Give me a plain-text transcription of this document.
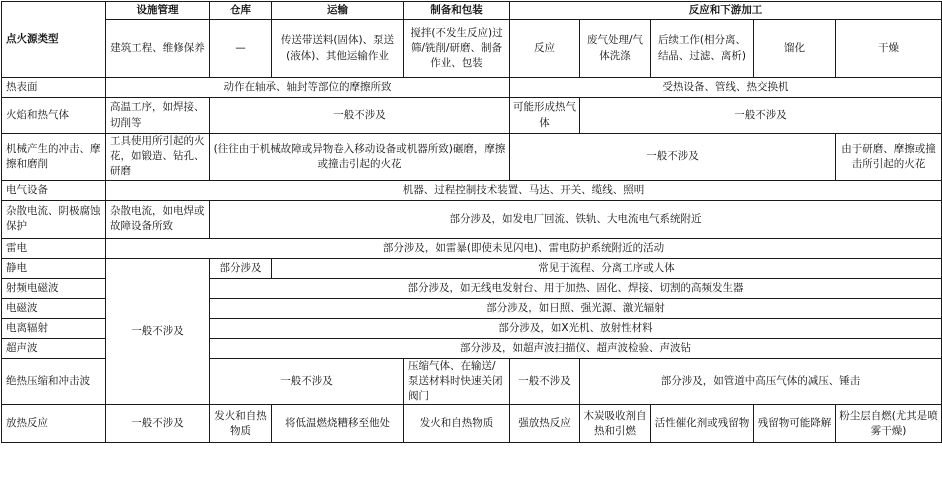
点火源类型	设施管理	仓库	运输	制备和包装	反应和下游加工				
	建筑工程、维修保养	—	传送带送料(固体)、泵送(液体)、其他运输作业	搅拌(不发生反应)过筛/铣削/研磨、制备作业、包装	反应	废气处理/气体洗涤	后续工作(相分离、结晶、过滤、离析)	馏化	干燥
热表面	动作在轴承、轴封等部位的摩擦所致				受热设备、管线、热交换机				
火焰和热气体	高温工序，如焊接、切削等	一般不涉及			可能形成热气体	一般不涉及			
机械产生的冲击、摩擦和磨削	工具使用所引起的火花，如锻造、钻孔、研磨	(往往由于机械故障或异物卷入移动设备或机器所致)碾磨，摩擦或撞击引起的火花			一般不涉及				由于研磨、摩擦或撞击所引起的火花
电气设备	机器、过程控制技术装置、马达、开关、缆线、照明								
杂散电流、阴极腐蚀保护	杂散电流，如电焊或故障设备所致	部分涉及，如发电厂回流、铁轨、大电流电气系统附近							
雷电	部分涉及，如雷暴(即使未见闪电)、雷电防护系统附近的活动								
静电	一般不涉及	部分涉及	常见于流程、分离工序或人体						
射频电磁波		部分涉及，如无线电发射台、用于加热、固化、焊接、切割的高频发生器							
电磁波		部分涉及，如日照、强光源、激光辐射							
电离辐射		部分涉及，如X光机、放射性材料							
超声波		部分涉及，如超声波扫描仪、超声波检验、声波钻							
绝热压缩和冲击波		一般不涉及		压缩气体、在输送/泵送材料时快速关闭阀门	一般不涉及	部分涉及，如管道中高压气体的减压、锤击			
放热反应	一般不涉及	发火和自热物质	将低温燃烧糟移至他处	发火和自热物质	强放热反应	木炭吸收剂自热和引燃	活性催化剂或残留物	残留物可能降解	粉尘层自燃(尤其是喷雾干燥)
